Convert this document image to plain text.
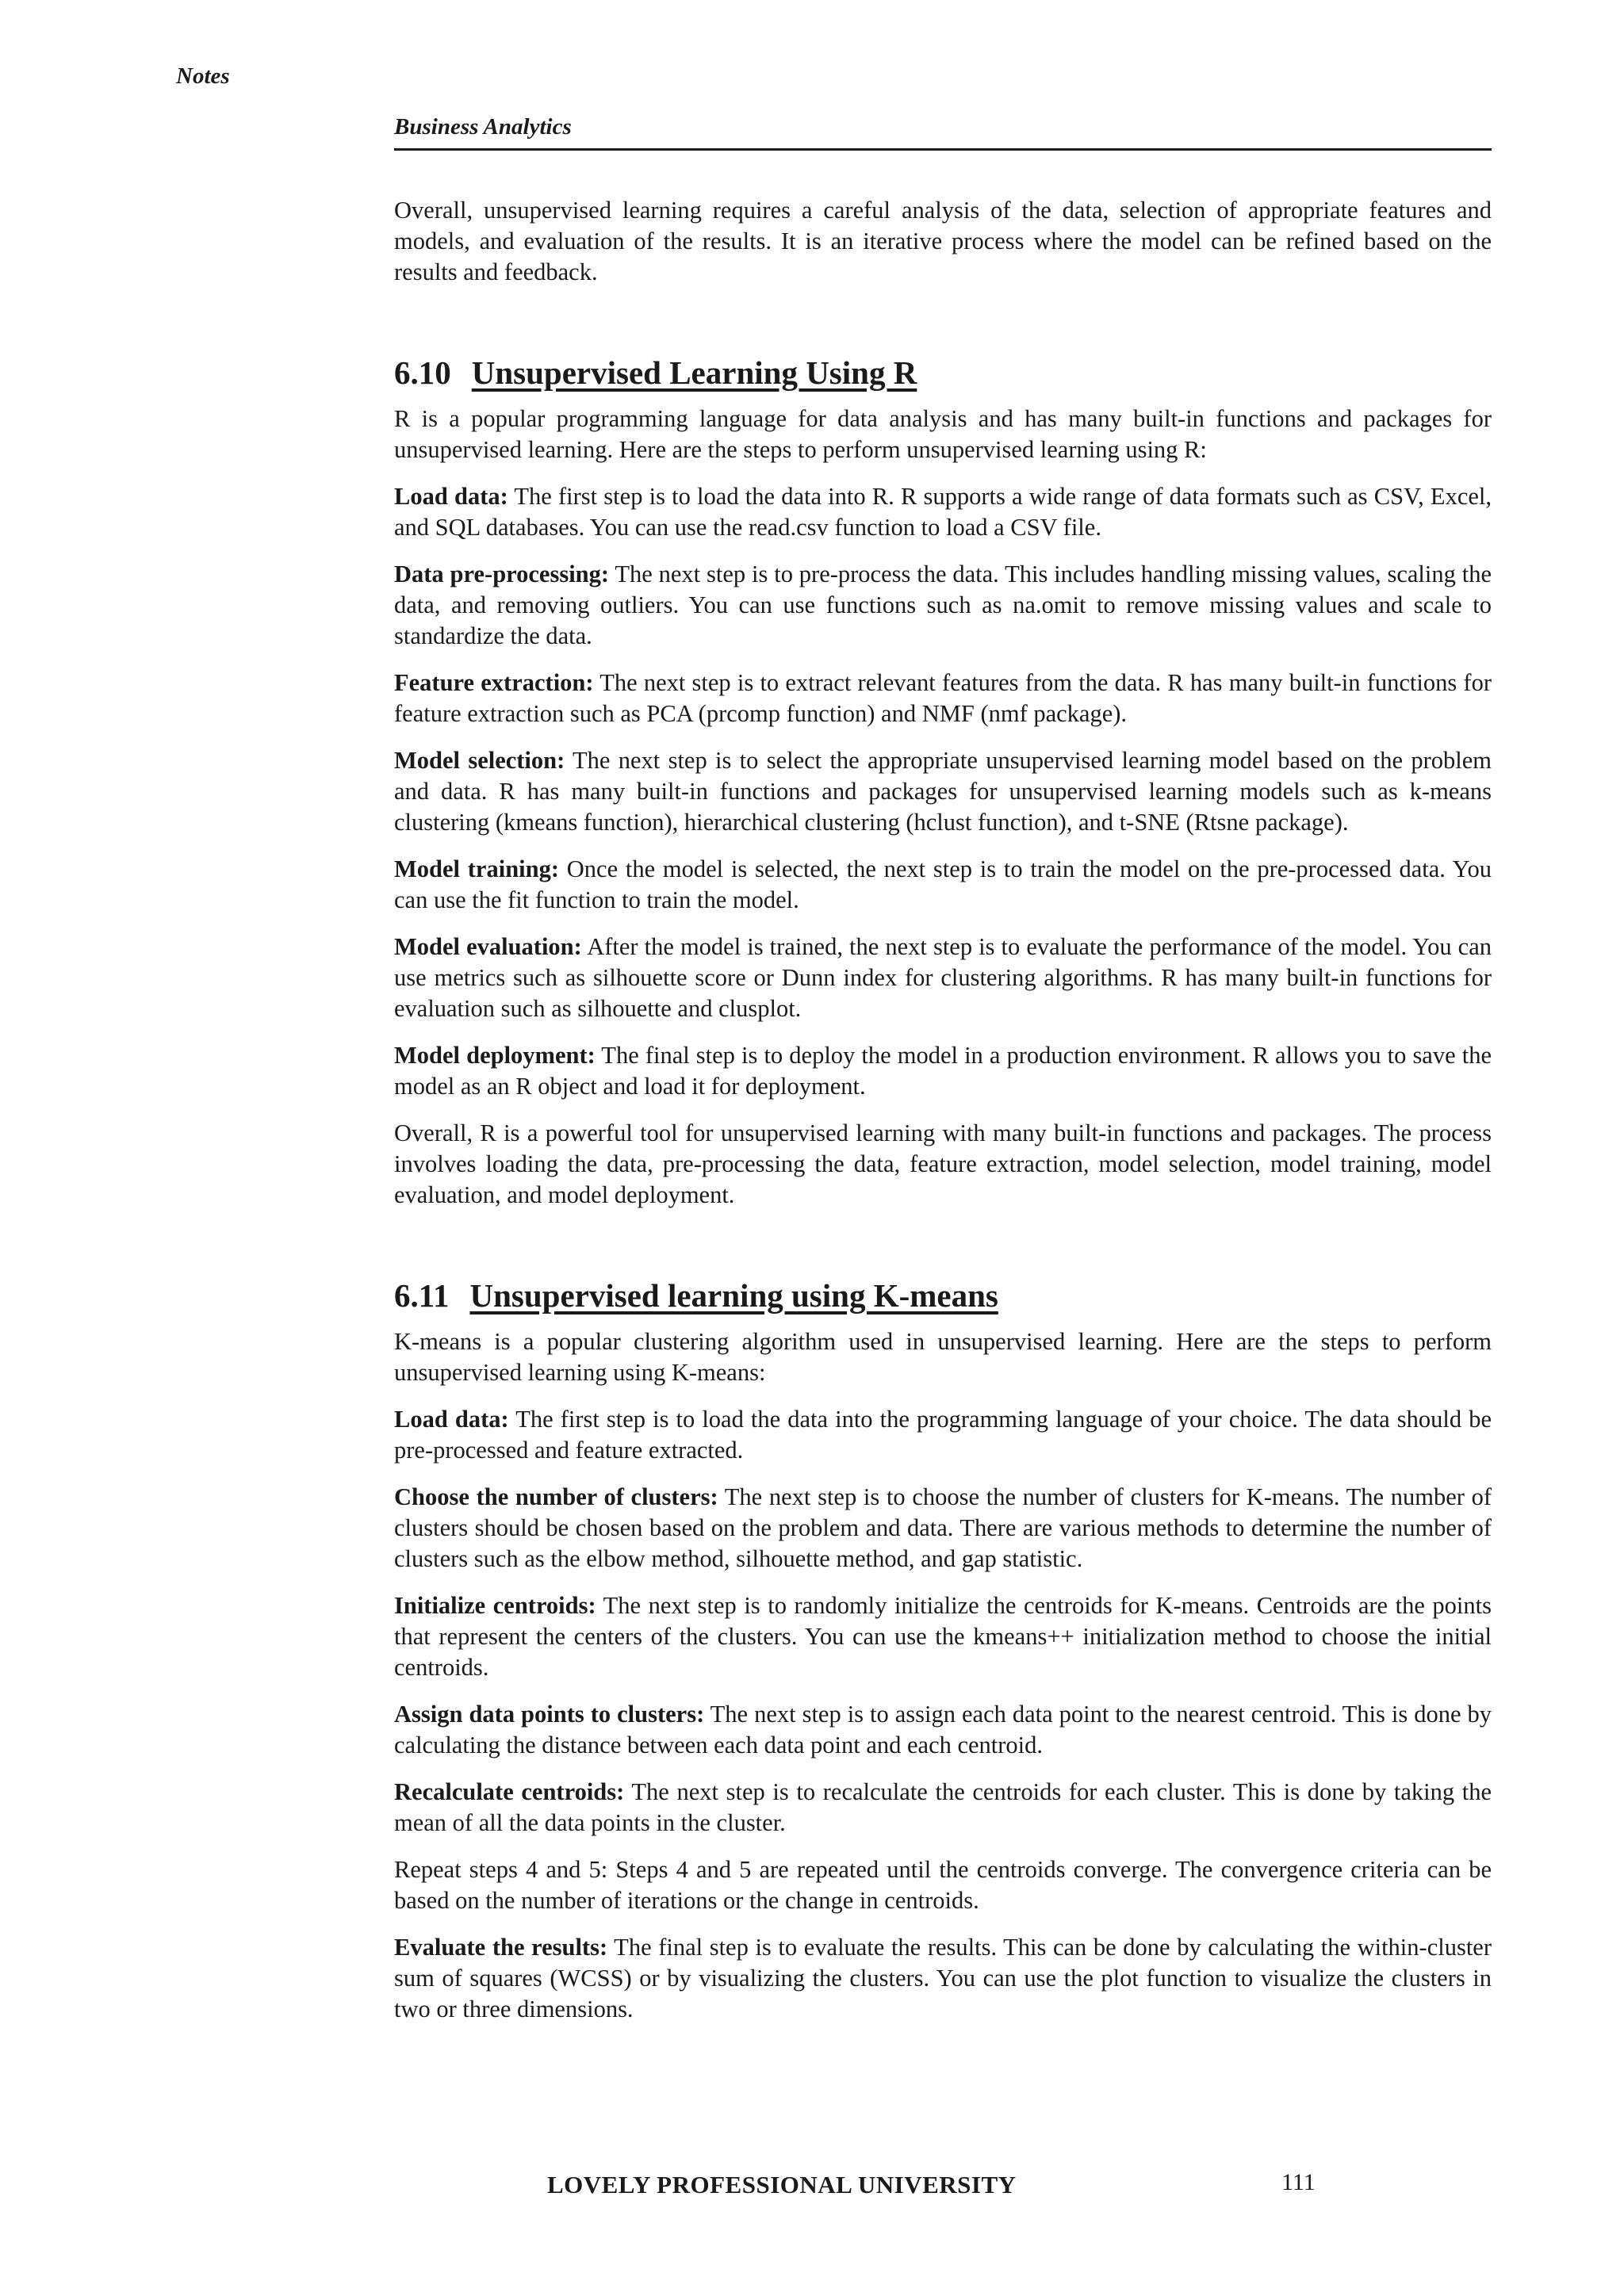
Notes
Business Analytics

Overall, unsupervised learning requires a careful analysis of the data, selection of appropriate features and models, and evaluation of the results. It is an iterative process where the model can be refined based on the results and feedback.

6.10 Unsupervised Learning Using R

R is a popular programming language for data analysis and has many built-in functions and packages for unsupervised learning. Here are the steps to perform unsupervised learning using R:

Load data: The first step is to load the data into R. R supports a wide range of data formats such as CSV, Excel, and SQL databases. You can use the read.csv function to load a CSV file.

Data pre-processing: The next step is to pre-process the data. This includes handling missing values, scaling the data, and removing outliers. You can use functions such as na.omit to remove missing values and scale to standardize the data.

Feature extraction: The next step is to extract relevant features from the data. R has many built-in functions for feature extraction such as PCA (prcomp function) and NMF (nmf package).

Model selection: The next step is to select the appropriate unsupervised learning model based on the problem and data. R has many built-in functions and packages for unsupervised learning models such as k-means clustering (kmeans function), hierarchical clustering (hclust function), and t-SNE (Rtsne package).

Model training: Once the model is selected, the next step is to train the model on the pre-processed data. You can use the fit function to train the model.

Model evaluation: After the model is trained, the next step is to evaluate the performance of the model. You can use metrics such as silhouette score or Dunn index for clustering algorithms. R has many built-in functions for evaluation such as silhouette and clusplot.

Model deployment: The final step is to deploy the model in a production environment. R allows you to save the model as an R object and load it for deployment.

Overall, R is a powerful tool for unsupervised learning with many built-in functions and packages. The process involves loading the data, pre-processing the data, feature extraction, model selection, model training, model evaluation, and model deployment.

6.11 Unsupervised learning using K-means

K-means is a popular clustering algorithm used in unsupervised learning. Here are the steps to perform unsupervised learning using K-means:

Load data: The first step is to load the data into the programming language of your choice. The data should be pre-processed and feature extracted.

Choose the number of clusters: The next step is to choose the number of clusters for K-means. The number of clusters should be chosen based on the problem and data. There are various methods to determine the number of clusters such as the elbow method, silhouette method, and gap statistic.

Initialize centroids: The next step is to randomly initialize the centroids for K-means. Centroids are the points that represent the centers of the clusters. You can use the kmeans++ initialization method to choose the initial centroids.

Assign data points to clusters: The next step is to assign each data point to the nearest centroid. This is done by calculating the distance between each data point and each centroid.

Recalculate centroids: The next step is to recalculate the centroids for each cluster. This is done by taking the mean of all the data points in the cluster.

Repeat steps 4 and 5: Steps 4 and 5 are repeated until the centroids converge. The convergence criteria can be based on the number of iterations or the change in centroids.

Evaluate the results: The final step is to evaluate the results. This can be done by calculating the within-cluster sum of squares (WCSS) or by visualizing the clusters. You can use the plot function to visualize the clusters in two or three dimensions.

LOVELY PROFESSIONAL UNIVERSITY	111
